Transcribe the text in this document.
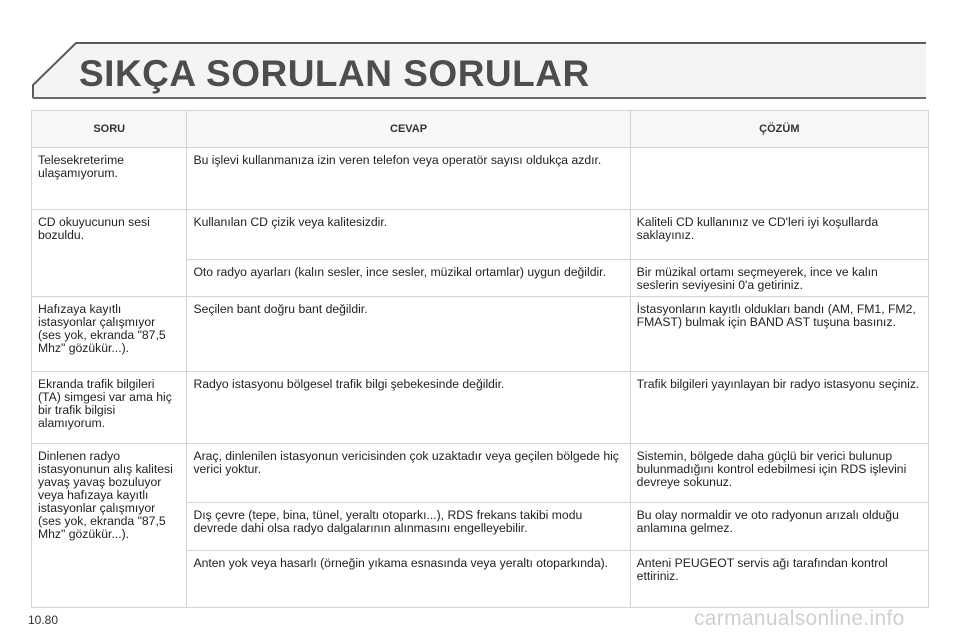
SIKÇA SORULAN SORULAR
SORU	CEVAP	ÇÖZÜM
Telesekreterime ulaşamıyorum.	Bu işlevi kullanmanıza izin veren telefon veya operatör sayısı oldukça azdır.	
CD okuyucunun sesi bozuldu.	Kullanılan CD çizik veya kalitesizdir.	Kaliteli CD kullanınız ve CD'leri iyi koşullarda saklayınız.
	Oto radyo ayarları (kalın sesler, ince sesler, müzikal ortamlar) uygun değildir.	Bir müzikal ortamı seçmeyerek, ince ve kalın seslerin seviyesini 0'a getiriniz.
Hafızaya kayıtlı istasyonlar çalışmıyor (ses yok, ekranda "87,5 Mhz" gözükür...).	Seçilen bant doğru bant değildir.	İstasyonların kayıtlı oldukları bandı (AM, FM1, FM2, FMAST) bulmak için BAND AST tuşuna basınız.
Ekranda trafik bilgileri (TA) simgesi var ama hiç bir trafik bilgisi alamıyorum.	Radyo istasyonu bölgesel trafik bilgi şebekesinde değildir.	Trafik bilgileri yayınlayan bir radyo istasyonu seçiniz.
Dinlenen radyo istasyonunun alış kalitesi yavaş yavaş bozuluyor veya hafızaya kayıtlı istasyonlar çalışmıyor (ses yok, ekranda "87,5 Mhz" gözükür...).	Araç, dinlenilen istasyonun vericisinden çok uzaktadır veya geçilen bölgede hiç verici yoktur.	Sistemin, bölgede daha güçlü bir verici bulunup bulunmadığını kontrol edebilmesi için RDS işlevini devreye sokunuz.
	Dış çevre (tepe, bina, tünel, yeraltı otoparkı...), RDS frekans takibi modu devrede dahi olsa radyo dalgalarının alınmasını engelleyebilir.	Bu olay normaldir ve oto radyonun arızalı olduğu anlamına gelmez.
	Anten yok veya hasarlı (örneğin yıkama esnasında veya yeraltı otoparkında).	Anteni PEUGEOT servis ağı tarafından kontrol ettiriniz.
10.80	carmanualsonline.info
